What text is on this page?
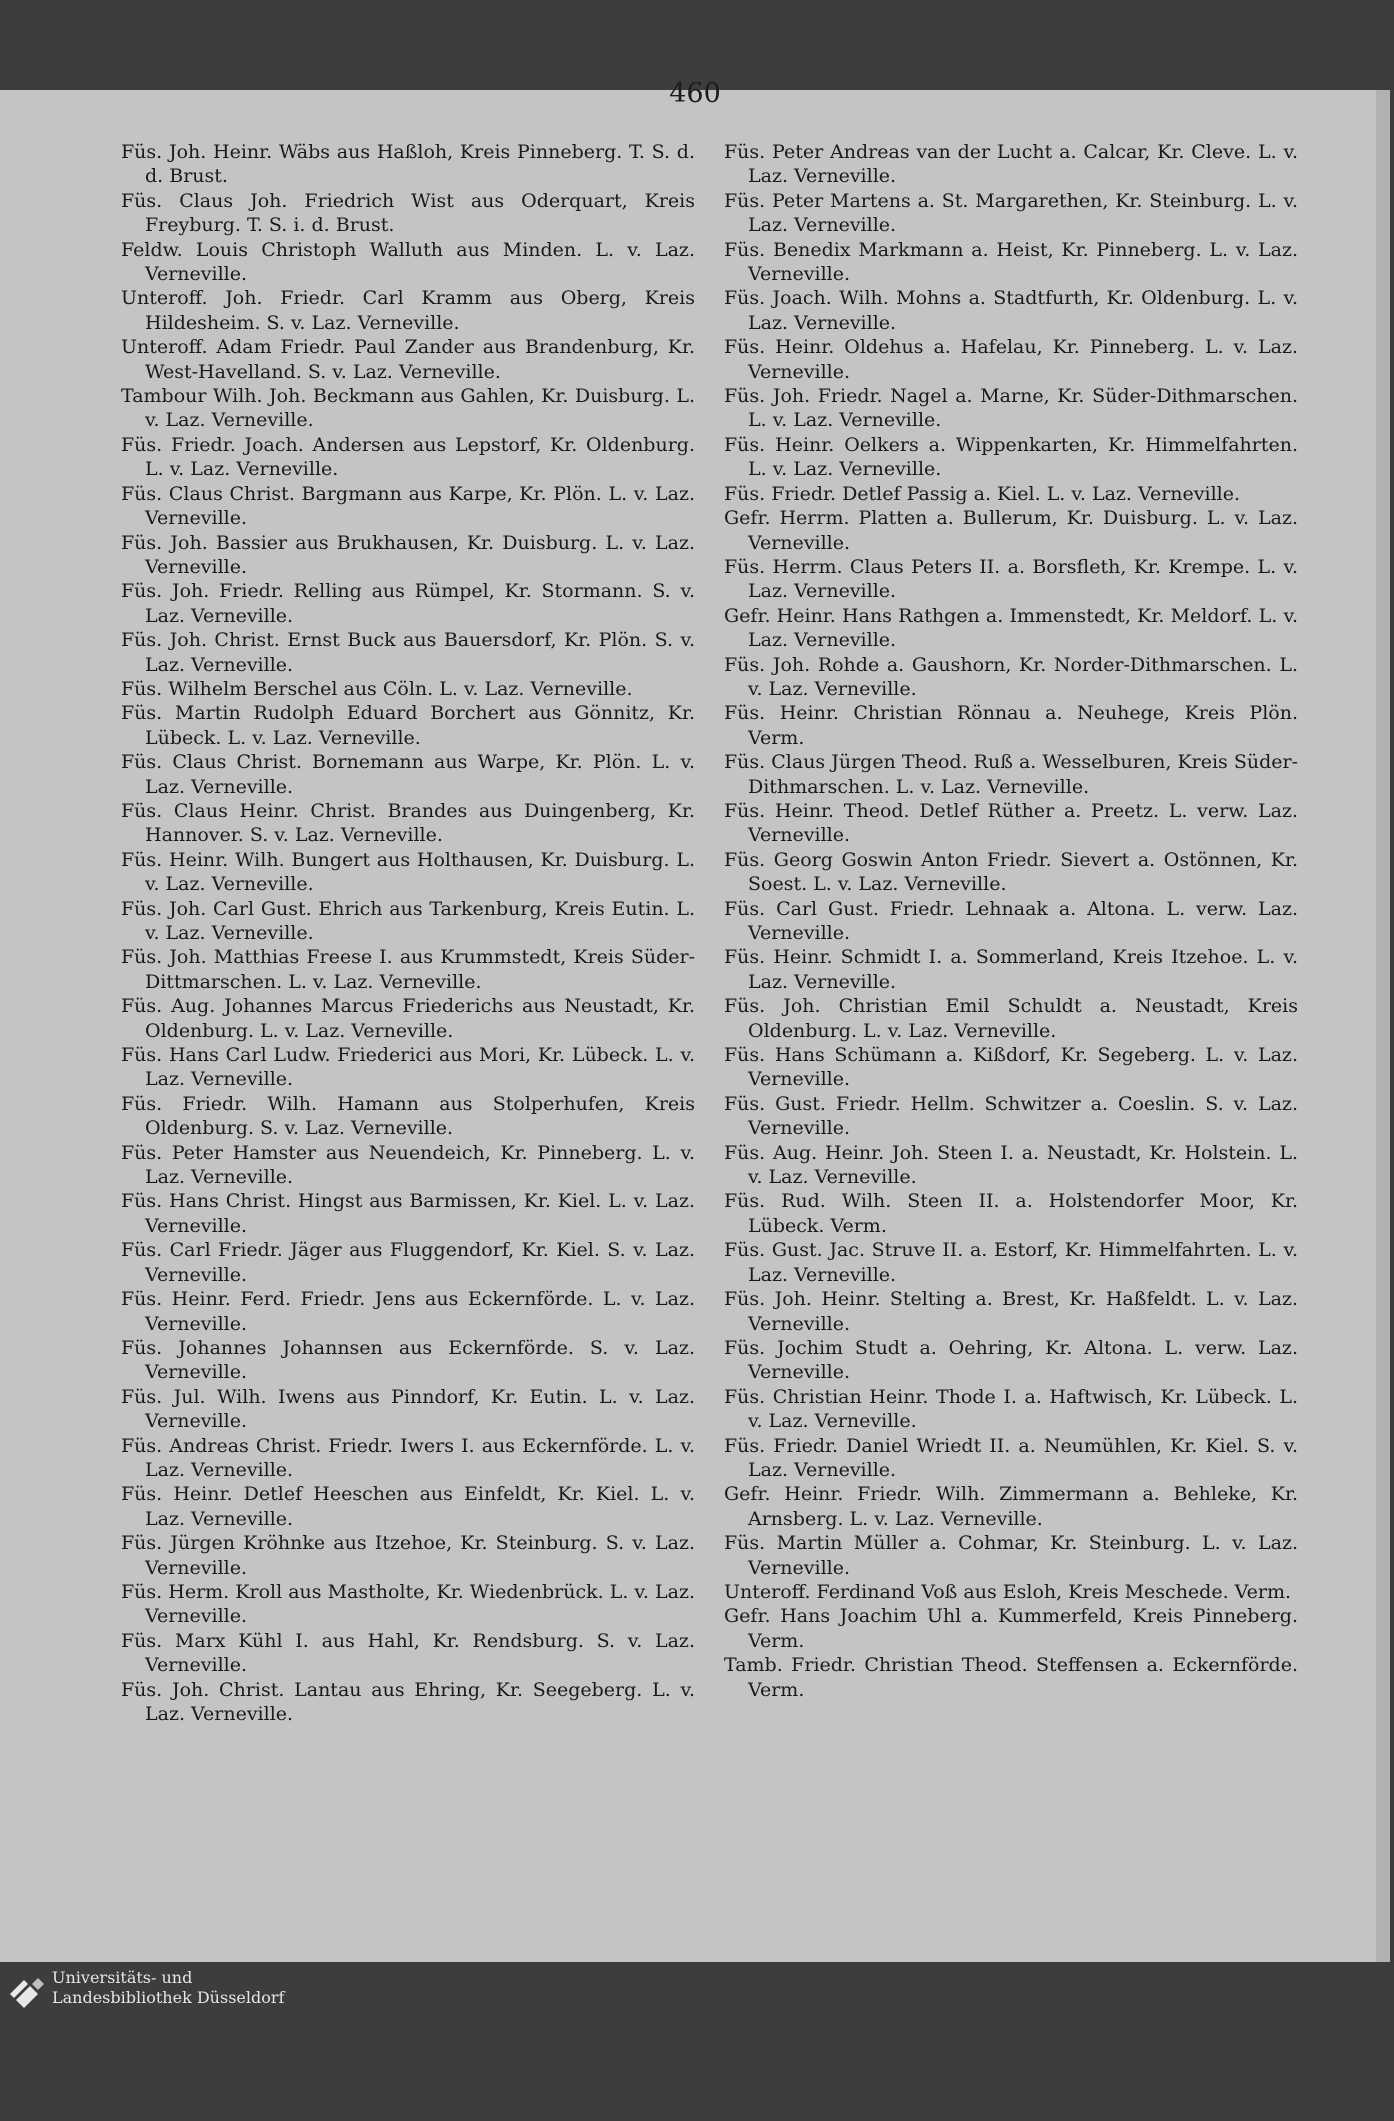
460

Füs. Joh. Heinr. Wäbs aus Haßloh, Kreis Pinneberg. T. S. d. d. Brust.

Füs. Claus Joh. Friedrich Wist aus Oderquart, Kreis Freyburg. T. S. i. d. Brust.

Feldw. Louis Christoph Walluth aus Minden. L. v. Laz. Verneville.

Unteroff. Joh. Friedr. Carl Kramm aus Oberg, Kreis Hildesheim. S. v. Laz. Verneville.

Unteroff. Adam Friedr. Paul Zander aus Brandenburg, Kr. West-Havelland. S. v. Laz. Verneville.

Tambour Wilh. Joh. Beckmann aus Gahlen, Kr. Duisburg. L. v. Laz. Verneville.

Füs. Friedr. Joach. Andersen aus Lepstorf, Kr. Oldenburg. L. v. Laz. Verneville.

Füs. Claus Christ. Bargmann aus Karpe, Kr. Plön. L. v. Laz. Verneville.

Füs. Joh. Bassier aus Brukhausen, Kr. Duisburg. L. v. Laz. Verneville.

Füs. Joh. Friedr. Relling aus Rümpel, Kr. Stormann. S. v. Laz. Verneville.

Füs. Joh. Christ. Ernst Buck aus Bauersdorf, Kr. Plön. S. v. Laz. Verneville.

Füs. Wilhelm Berschel aus Cöln. L. v. Laz. Verneville.

Füs. Martin Rudolph Eduard Borchert aus Gönnitz, Kr. Lübeck. L. v. Laz. Verneville.

Füs. Claus Christ. Bornemann aus Warpe, Kr. Plön. L. v. Laz. Verneville.

Füs. Claus Heinr. Christ. Brandes aus Duingenberg, Kr. Hannover. S. v. Laz. Verneville.

Füs. Heinr. Wilh. Bungert aus Holthausen, Kr. Duisburg. L. v. Laz. Verneville.

Füs. Joh. Carl Gust. Ehrich aus Tarkenburg, Kreis Eutin. L. v. Laz. Verneville.

Füs. Joh. Matthias Freese I. aus Krummstedt, Kreis Süder-Dittmarschen. L. v. Laz. Verneville.

Füs. Aug. Johannes Marcus Friederichs aus Neustadt, Kr. Oldenburg. L. v. Laz. Verneville.

Füs. Hans Carl Ludw. Friederici aus Mori, Kr. Lübeck. L. v. Laz. Verneville.

Füs. Friedr. Wilh. Hamann aus Stolperhufen, Kreis Oldenburg. S. v. Laz. Verneville.

Füs. Peter Hamster aus Neuendeich, Kr. Pinneberg. L. v. Laz. Verneville.

Füs. Hans Christ. Hingst aus Barmissen, Kr. Kiel. L. v. Laz. Verneville.

Füs. Carl Friedr. Jäger aus Fluggendorf, Kr. Kiel. S. v. Laz. Verneville.

Füs. Heinr. Ferd. Friedr. Jens aus Eckernförde. L. v. Laz. Verneville.

Füs. Johannes Johannsen aus Eckernförde. S. v. Laz. Verneville.

Füs. Jul. Wilh. Iwens aus Pinndorf, Kr. Eutin. L. v. Laz. Verneville.

Füs. Andreas Christ. Friedr. Iwers I. aus Eckernförde. L. v. Laz. Verneville.

Füs. Heinr. Detlef Heeschen aus Einfeldt, Kr. Kiel. L. v. Laz. Verneville.

Füs. Jürgen Kröhnke aus Itzehoe, Kr. Steinburg. S. v. Laz. Verneville.

Füs. Herm. Kroll aus Mastholte, Kr. Wiedenbrück. L. v. Laz. Verneville.

Füs. Marx Kühl I. aus Hahl, Kr. Rendsburg. S. v. Laz. Verneville.

Füs. Joh. Christ. Lantau aus Ehring, Kr. Seegeberg. L. v. Laz. Verneville.

Füs. Peter Andreas van der Lucht a. Calcar, Kr. Cleve. L. v. Laz. Verneville.

Füs. Peter Martens a. St. Margarethen, Kr. Steinburg. L. v. Laz. Verneville.

Füs. Benedix Markmann a. Heist, Kr. Pinneberg. L. v. Laz. Verneville.

Füs. Joach. Wilh. Mohns a. Stadtfurth, Kr. Oldenburg. L. v. Laz. Verneville.

Füs. Heinr. Oldehus a. Hafelau, Kr. Pinneberg. L. v. Laz. Verneville.

Füs. Joh. Friedr. Nagel a. Marne, Kr. Süder-Dithmarschen. L. v. Laz. Verneville.

Füs. Heinr. Oelkers a. Wippenkarten, Kr. Himmelfahrten. L. v. Laz. Verneville.

Füs. Friedr. Detlef Passig a. Kiel. L. v. Laz. Verneville.

Gefr. Herrm. Platten a. Bullerum, Kr. Duisburg. L. v. Laz. Verneville.

Füs. Herrm. Claus Peters II. a. Borsfleth, Kr. Krempe. L. v. Laz. Verneville.

Gefr. Heinr. Hans Rathgen a. Immenstedt, Kr. Meldorf. L. v. Laz. Verneville.

Füs. Joh. Rohde a. Gaushorn, Kr. Norder-Dithmarschen. L. v. Laz. Verneville.

Füs. Heinr. Christian Rönnau a. Neuhege, Kreis Plön. Verm.

Füs. Claus Jürgen Theod. Ruß a. Wesselburen, Kreis Süder-Dithmarschen. L. v. Laz. Verneville.

Füs. Heinr. Theod. Detlef Rüther a. Preetz. L. verw. Laz. Verneville.

Füs. Georg Goswin Anton Friedr. Sievert a. Ostönnen, Kr. Soest. L. v. Laz. Verneville.

Füs. Carl Gust. Friedr. Lehnaak a. Altona. L. verw. Laz. Verneville.

Füs. Heinr. Schmidt I. a. Sommerland, Kreis Itzehoe. L. v. Laz. Verneville.

Füs. Joh. Christian Emil Schuldt a. Neustadt, Kreis Oldenburg. L. v. Laz. Verneville.

Füs. Hans Schümann a. Kißdorf, Kr. Segeberg. L. v. Laz. Verneville.

Füs. Gust. Friedr. Hellm. Schwitzer a. Coeslin. S. v. Laz. Verneville.

Füs. Aug. Heinr. Joh. Steen I. a. Neustadt, Kr. Holstein. L. v. Laz. Verneville.

Füs. Rud. Wilh. Steen II. a. Holstendorfer Moor, Kr. Lübeck. Verm.

Füs. Gust. Jac. Struve II. a. Estorf, Kr. Himmelfahrten. L. v. Laz. Verneville.

Füs. Joh. Heinr. Stelting a. Brest, Kr. Haßfeldt. L. v. Laz. Verneville.

Füs. Jochim Studt a. Oehring, Kr. Altona. L. verw. Laz. Verneville.

Füs. Christian Heinr. Thode I. a. Haftwisch, Kr. Lübeck. L. v. Laz. Verneville.

Füs. Friedr. Daniel Wriedt II. a. Neumühlen, Kr. Kiel. S. v. Laz. Verneville.

Gefr. Heinr. Friedr. Wilh. Zimmermann a. Behleke, Kr. Arnsberg. L. v. Laz. Verneville.

Füs. Martin Müller a. Cohmar, Kr. Steinburg. L. v. Laz. Verneville.

Unteroff. Ferdinand Voß aus Esloh, Kreis Meschede. Verm.

Gefr. Hans Joachim Uhl a. Kummerfeld, Kreis Pinneberg. Verm.

Tamb. Friedr. Christian Theod. Steffensen a. Eckernförde. Verm.

Universitäts- und
Landesbibliothek Düsseldorf
